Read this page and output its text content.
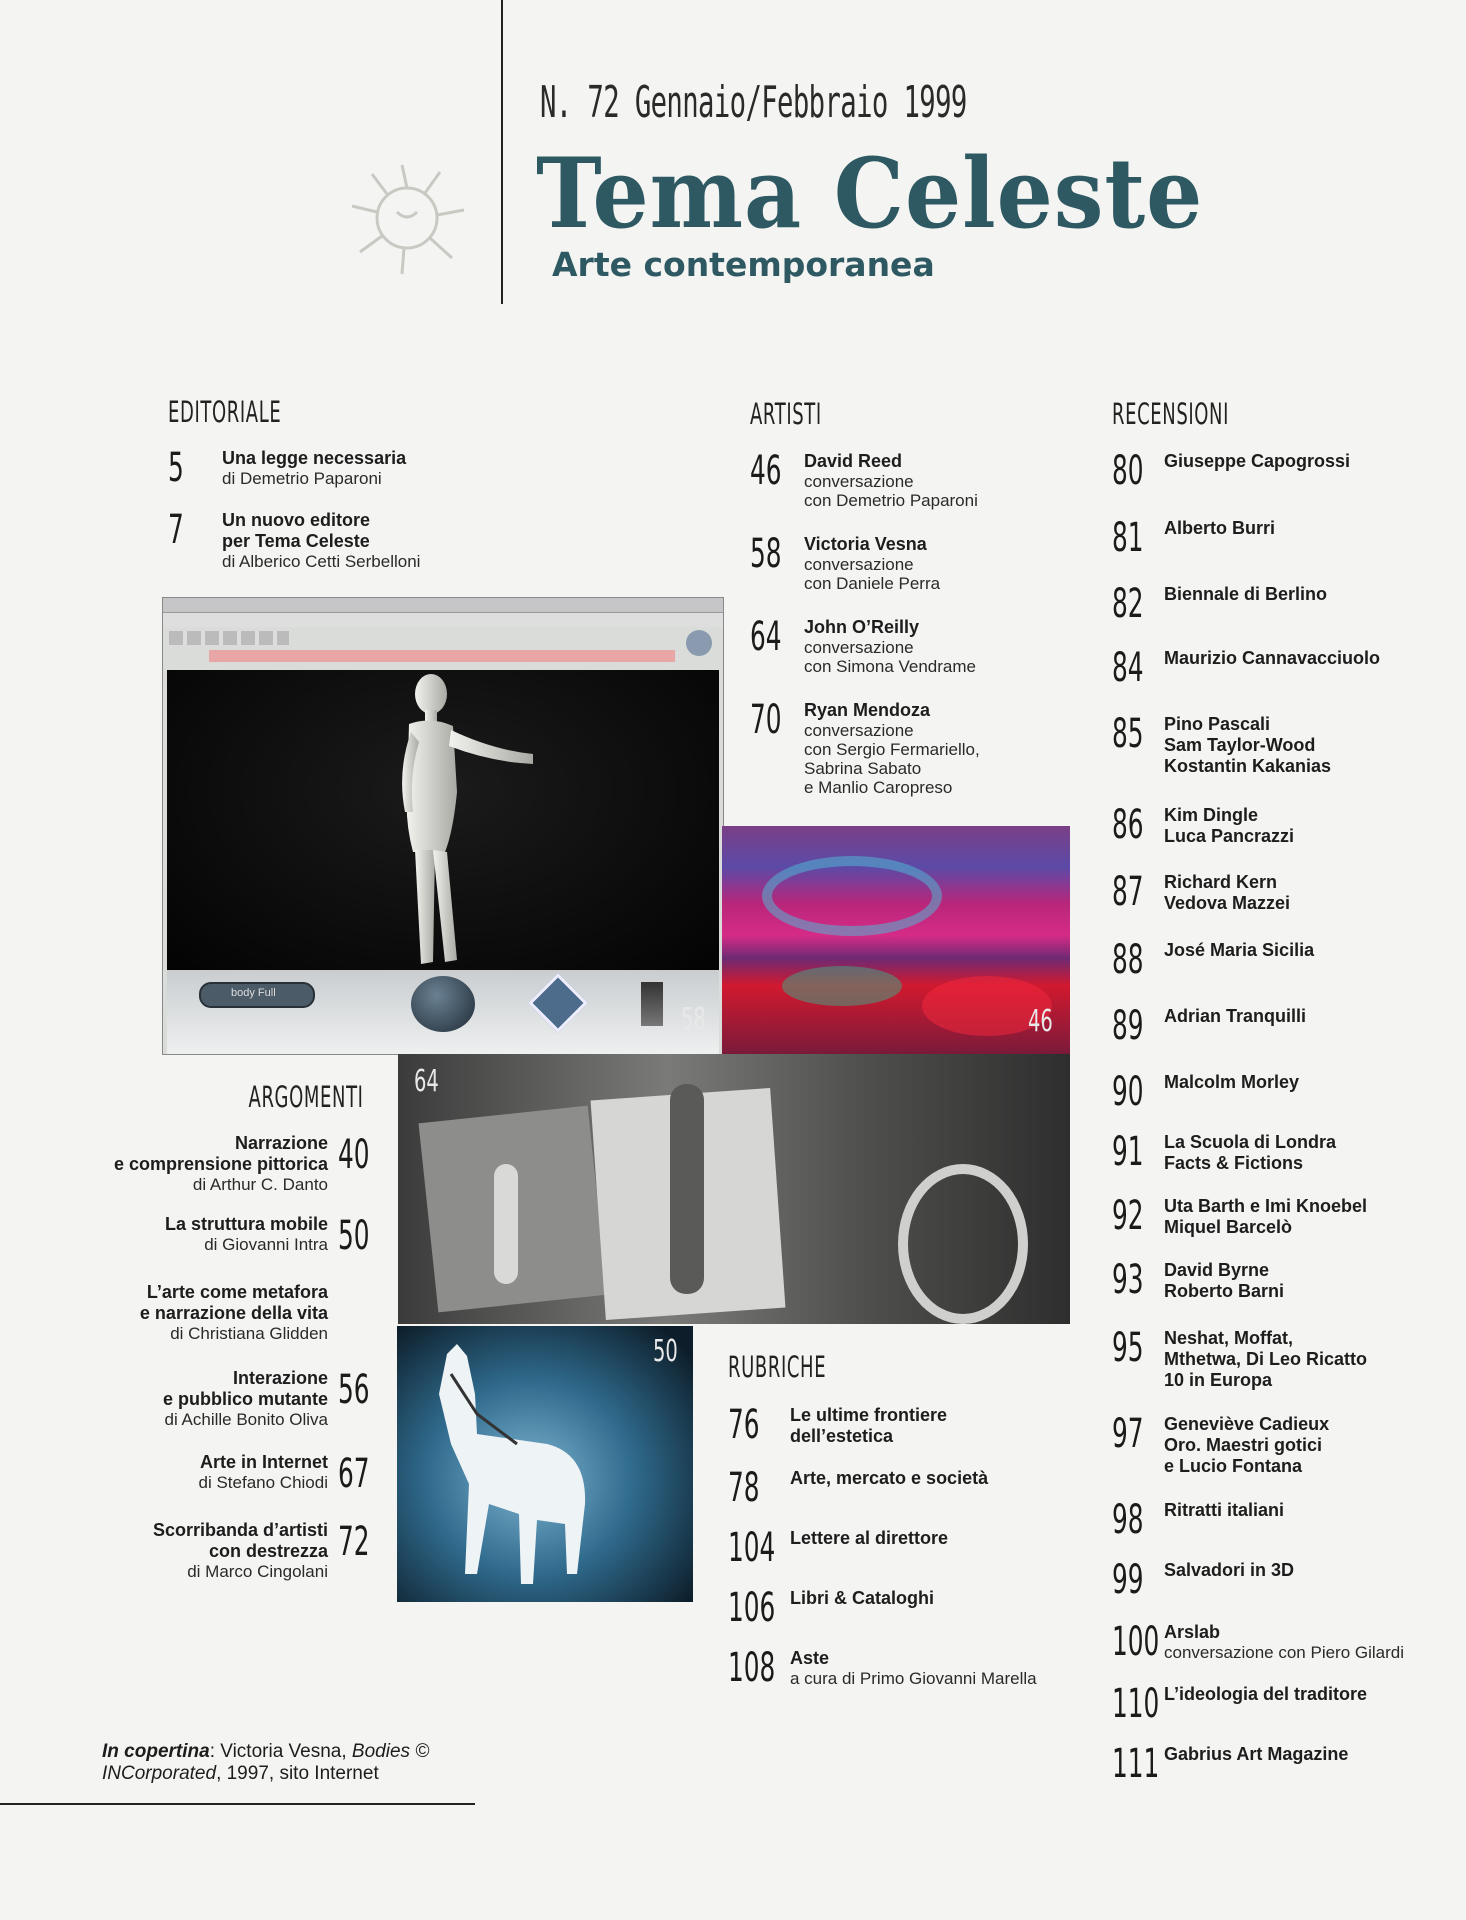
N. 72 Gennaio/Febbraio 1999
Tema Celeste
Arte contemporanea
EDITORIALE
5 Una legge necessaria
di Demetrio Paparoni
7 Un nuovo editore
per Tema Celeste
di Alberico Cetti Serbelloni
ARTISTI
46 David Reed
conversazione
con Demetrio Paparoni
58 Victoria Vesna
conversazione
con Daniele Perra
64 John O’Reilly
conversazione
con Simona Vendrame
70 Ryan Mendoza
conversazione
con Sergio Fermariello,
Sabrina Sabato
e Manlio Caropreso
RECENSIONI
80 Giuseppe Capogrossi
81 Alberto Burri
82 Biennale di Berlino
84 Maurizio Cannavacciuolo
85 Pino Pascali
Sam Taylor-Wood
Kostantin Kakanias
86 Kim Dingle
Luca Pancrazzi
87 Richard Kern
Vedova Mazzei
88 José Maria Sicilia
89 Adrian Tranquilli
90 Malcolm Morley
91 La Scuola di Londra
Facts & Fictions
92 Uta Barth e Imi Knoebel
Miquel Barcelò
93 David Byrne
Roberto Barni
95 Neshat, Moffat,
Mthetwa, Di Leo Ricatto
10 in Europa
97 Geneviève Cadieux
Oro. Maestri gotici
e Lucio Fontana
98 Ritratti italiani
99 Salvadori in 3D
100 Arslab
conversazione con Piero Gilardi
110 L’ideologia del traditore
111 Gabrius Art Magazine
body Full
58	46
64
50
ARGOMENTI
Narrazione
e comprensione pittorica
di Arthur C. Danto
40
La struttura mobile
di Giovanni Intra 50
L’arte come metafora
e narrazione della vita
di Christiana Glidden
Interazione
e pubblico mutante
di Achille Bonito Oliva
56
Arte in Internet
di Stefano Chiodi 67
Scorribanda d’artisti
con destrezza
di Marco Cingolani
72
RUBRICHE
76 Le ultime frontiere
dell’estetica
78 Arte, mercato e società
104 Lettere al direttore
106 Libri & Cataloghi
108 Aste
a cura di Primo Giovanni Marella
In copertina: Victoria Vesna, Bodies © INCorporated, 1997, sito Internet
